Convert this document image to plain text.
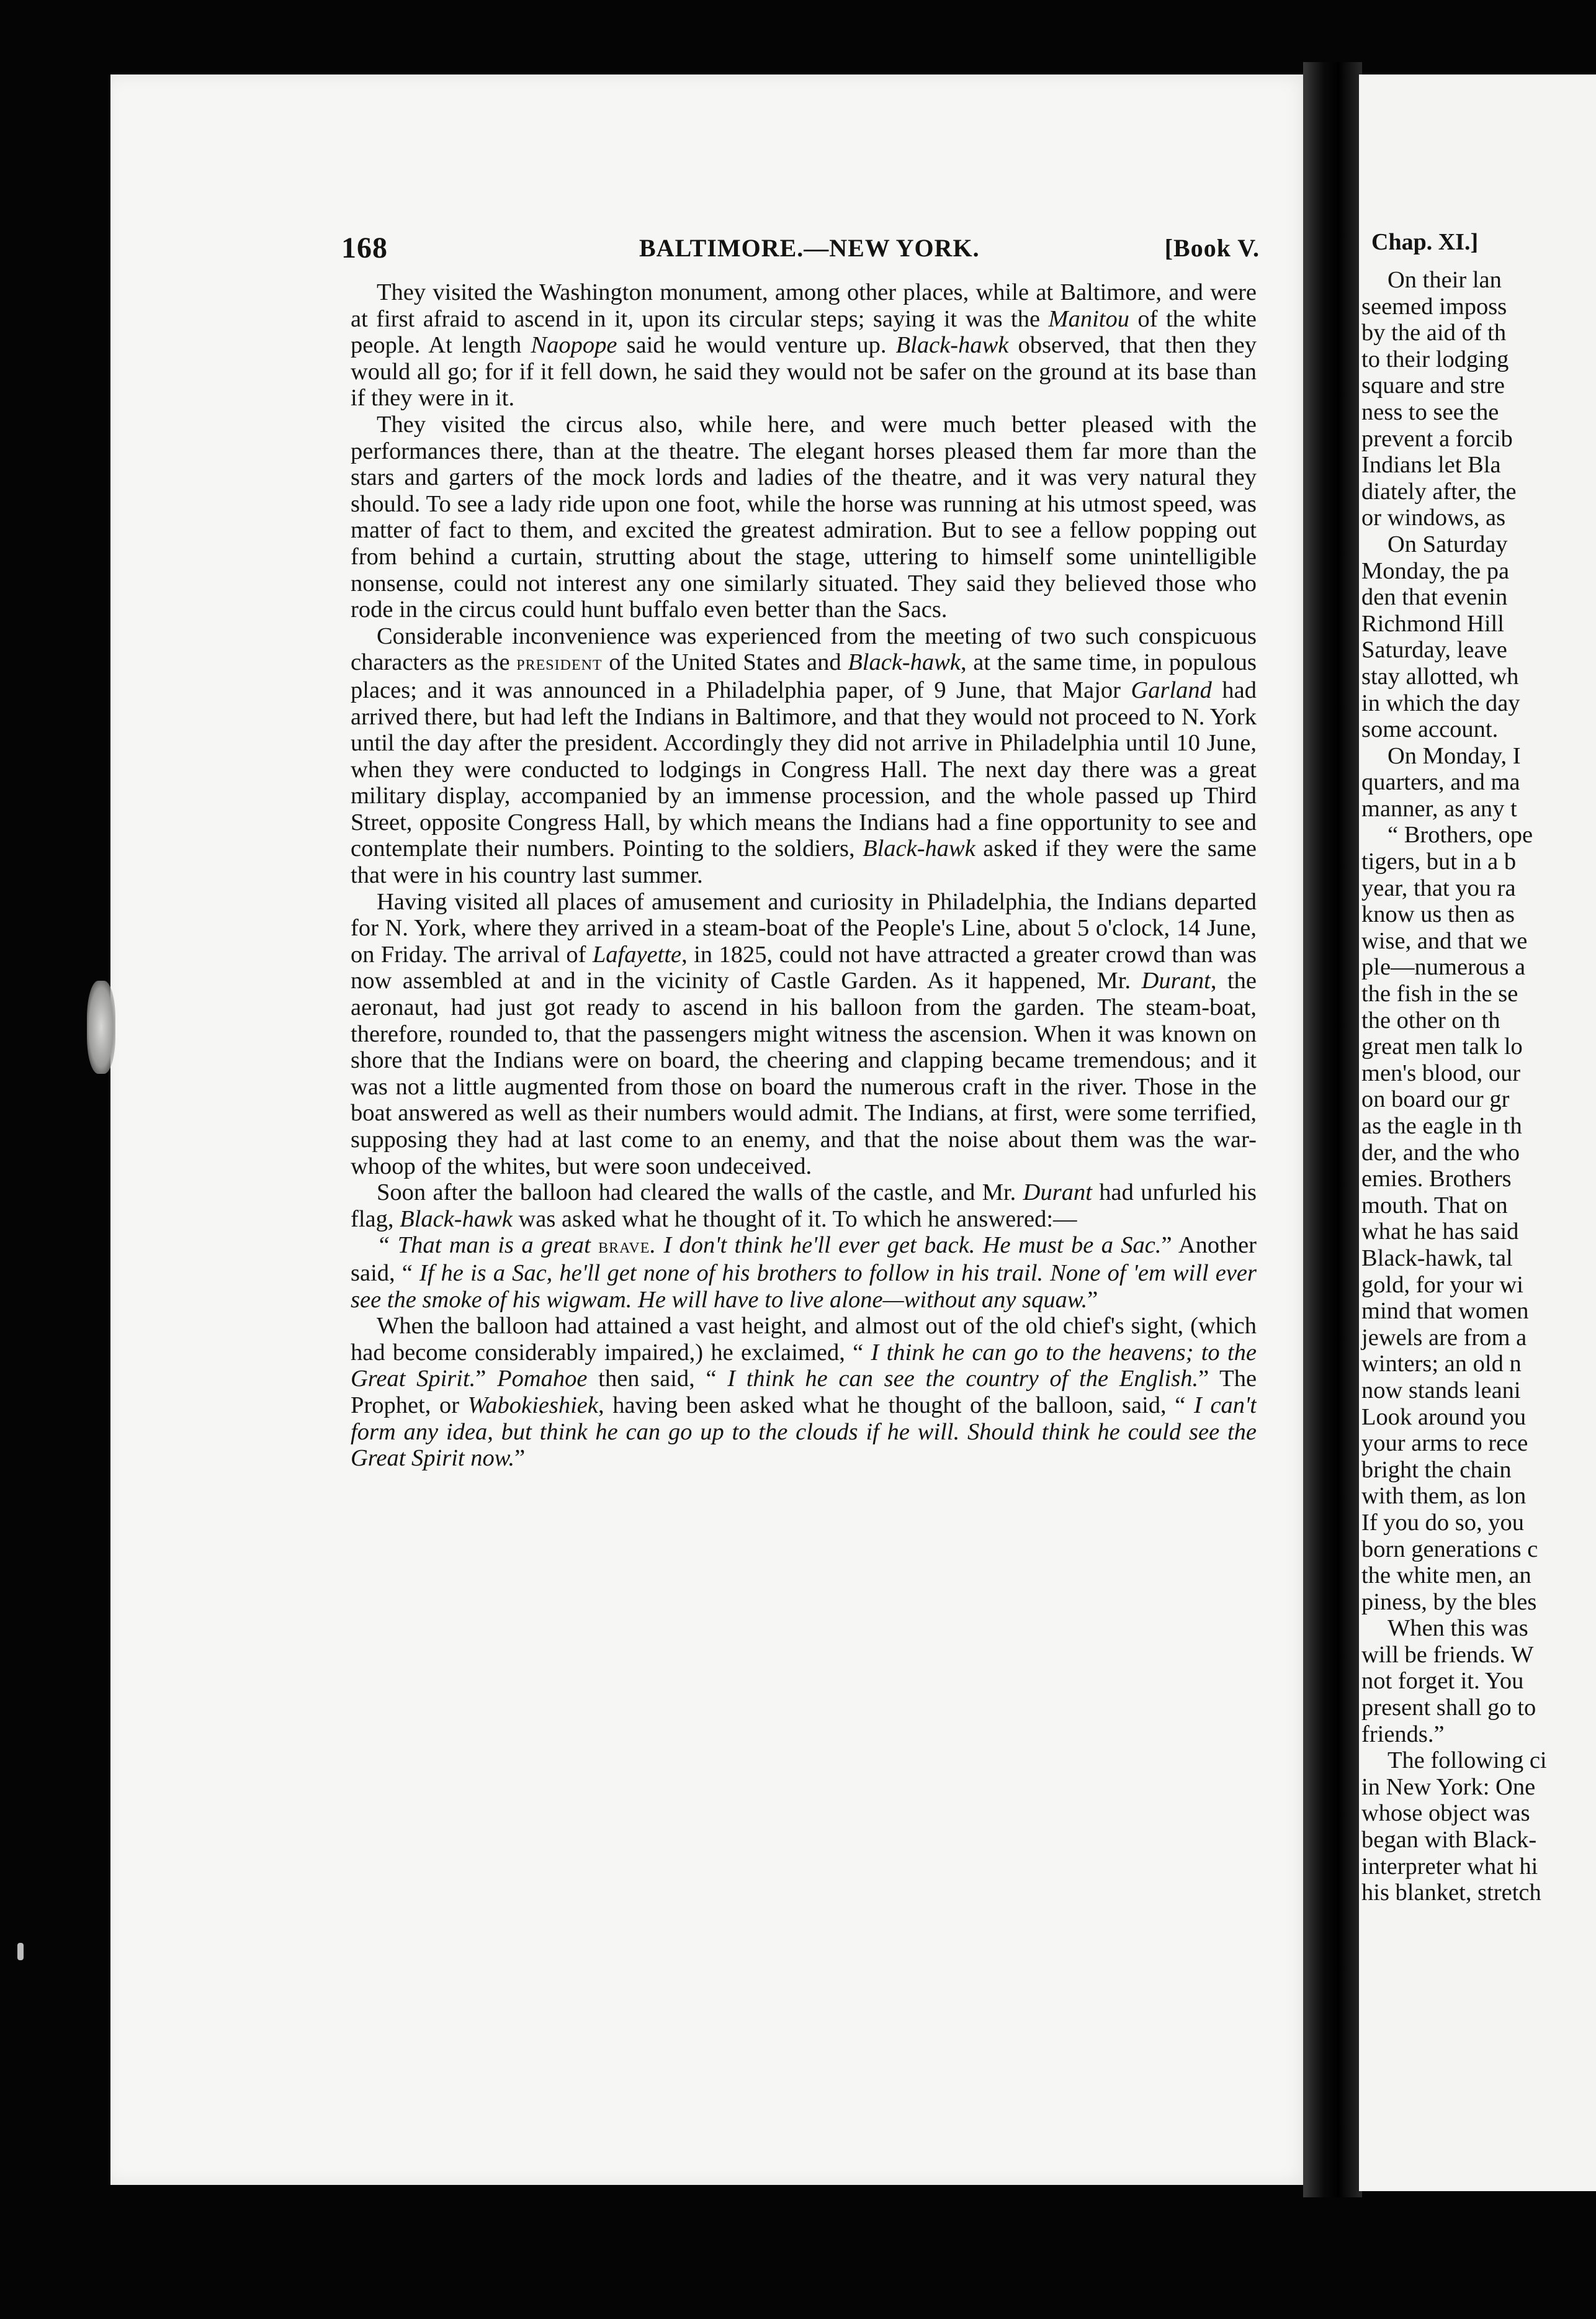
Chap. XI.]
On their lan
seemed imposs
by the aid of th
to their lodging
square and stre
ness to see the
prevent a forcib
Indians let Bla
diately after, the
or windows, as
On Saturday
Monday, the pa
den that evenin
Richmond Hill
Saturday, leave
stay allotted, wh
in which the day
some account.
On Monday, I
quarters, and ma
manner, as any t
“ Brothers, ope
tigers, but in a b
year, that you ra
know us then as
wise, and that we
ple—numerous a
the fish in the se
the other on th
great men talk lo
men's blood, our
on board our gr
as the eagle in th
der, and the who
emies. Brothers
mouth. That on
what he has said
Black-hawk, tal
gold, for your wi
mind that women
jewels are from a
winters; an old n
now stands leani
Look around you
your arms to rece
bright the chain
with them, as lon
If you do so, you
born generations c
the white men, an
piness, by the bles
When this was
will be friends. W
not forget it. You
present shall go to
friends.”
The following ci
in New York: One
whose object was
began with Black-
interpreter what hi
his blanket, stretch
168	BALTIMORE.—NEW YORK.	[Book V.

They visited the Washington monument, among other places, while at Baltimore, and were at first afraid to ascend in it, upon its circular steps; saying it was the Manitou of the white people. At length Naopope said he would venture up. Black-hawk observed, that then they would all go; for if it fell down, he said they would not be safer on the ground at its base than if they were in it.

They visited the circus also, while here, and were much better pleased with the performances there, than at the theatre. The elegant horses pleased them far more than the stars and garters of the mock lords and ladies of the theatre, and it was very natural they should. To see a lady ride upon one foot, while the horse was running at his utmost speed, was matter of fact to them, and excited the greatest admiration. But to see a fellow popping out from behind a curtain, strutting about the stage, uttering to himself some unintelligible nonsense, could not interest any one similarly situated. They said they believed those who rode in the circus could hunt buffalo even better than the Sacs.

Considerable inconvenience was experienced from the meeting of two such conspicuous characters as the president of the United States and Black-hawk, at the same time, in populous places; and it was announced in a Philadelphia paper, of 9 June, that Major Garland had arrived there, but had left the Indians in Baltimore, and that they would not proceed to N. York until the day after the president. Accordingly they did not arrive in Philadelphia until 10 June, when they were conducted to lodgings in Congress Hall. The next day there was a great military display, accompanied by an immense procession, and the whole passed up Third Street, opposite Congress Hall, by which means the Indians had a fine opportunity to see and contemplate their numbers. Pointing to the soldiers, Black-hawk asked if they were the same that were in his country last summer.

Having visited all places of amusement and curiosity in Philadelphia, the Indians departed for N. York, where they arrived in a steam-boat of the People's Line, about 5 o'clock, 14 June, on Friday. The arrival of Lafayette, in 1825, could not have attracted a greater crowd than was now assembled at and in the vicinity of Castle Garden. As it happened, Mr. Durant, the aeronaut, had just got ready to ascend in his balloon from the garden. The steam-boat, therefore, rounded to, that the passengers might witness the ascension. When it was known on shore that the Indians were on board, the cheering and clapping became tremendous; and it was not a little augmented from those on board the numerous craft in the river. Those in the boat answered as well as their numbers would admit. The Indians, at first, were some terrified, supposing they had at last come to an enemy, and that the noise about them was the war-whoop of the whites, but were soon undeceived.

Soon after the balloon had cleared the walls of the castle, and Mr. Durant had unfurled his flag, Black-hawk was asked what he thought of it. To which he answered:—

“ That man is a great brave. I don't think he'll ever get back. He must be a Sac.” Another said, “ If he is a Sac, he'll get none of his brothers to follow in his trail. None of 'em will ever see the smoke of his wigwam. He will have to live alone—without any squaw.”

When the balloon had attained a vast height, and almost out of the old chief's sight, (which had become considerably impaired,) he exclaimed, “ I think he can go to the heavens; to the Great Spirit.” Pomahoe then said, “ I think he can see the country of the English.” The Prophet, or Wabokieshiek, having been asked what he thought of the balloon, said, “ I can't form any idea, but think he can go up to the clouds if he will. Should think he could see the Great Spirit now.”
